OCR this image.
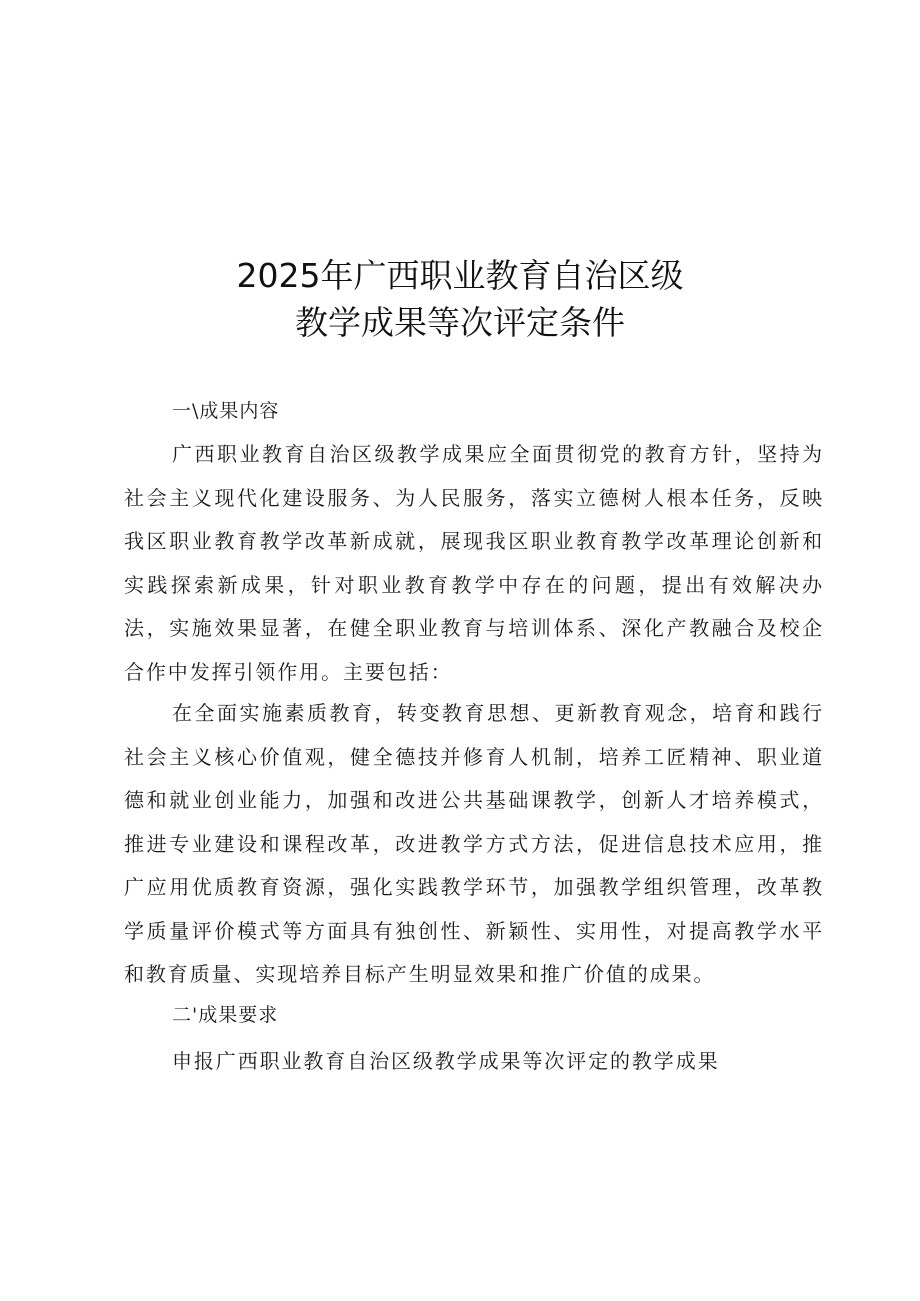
2025年广西职业教育自治区级
教学成果等次评定条件
一\成果内容

广西职业教育自治区级教学成果应全面贯彻党的教育方针，坚持为社会主义现代化建设服务、为人民服务，落实立德树人根本任务，反映我区职业教育教学改革新成就，展现我区职业教育教学改革理论创新和实践探索新成果，针对职业教育教学中存在的问题，提出有效解决办法，实施效果显著，在健全职业教育与培训体系、深化产教融合及校企合作中发挥引领作用。主要包括：

在全面实施素质教育，转变教育思想、更新教育观念，培育和践行社会主义核心价值观，健全德技并修育人机制，培养工匠精神、职业道德和就业创业能力，加强和改进公共基础课教学，创新人才培养模式，推进专业建设和课程改革，改进教学方式方法，促进信息技术应用，推广应用优质教育资源，强化实践教学环节，加强教学组织管理，改革教学质量评价模式等方面具有独创性、新颖性、实用性，对提高教学水平和教育质量、实现培养目标产生明显效果和推广价值的成果。

二'成果要求

申报广西职业教育自治区级教学成果等次评定的教学成果
